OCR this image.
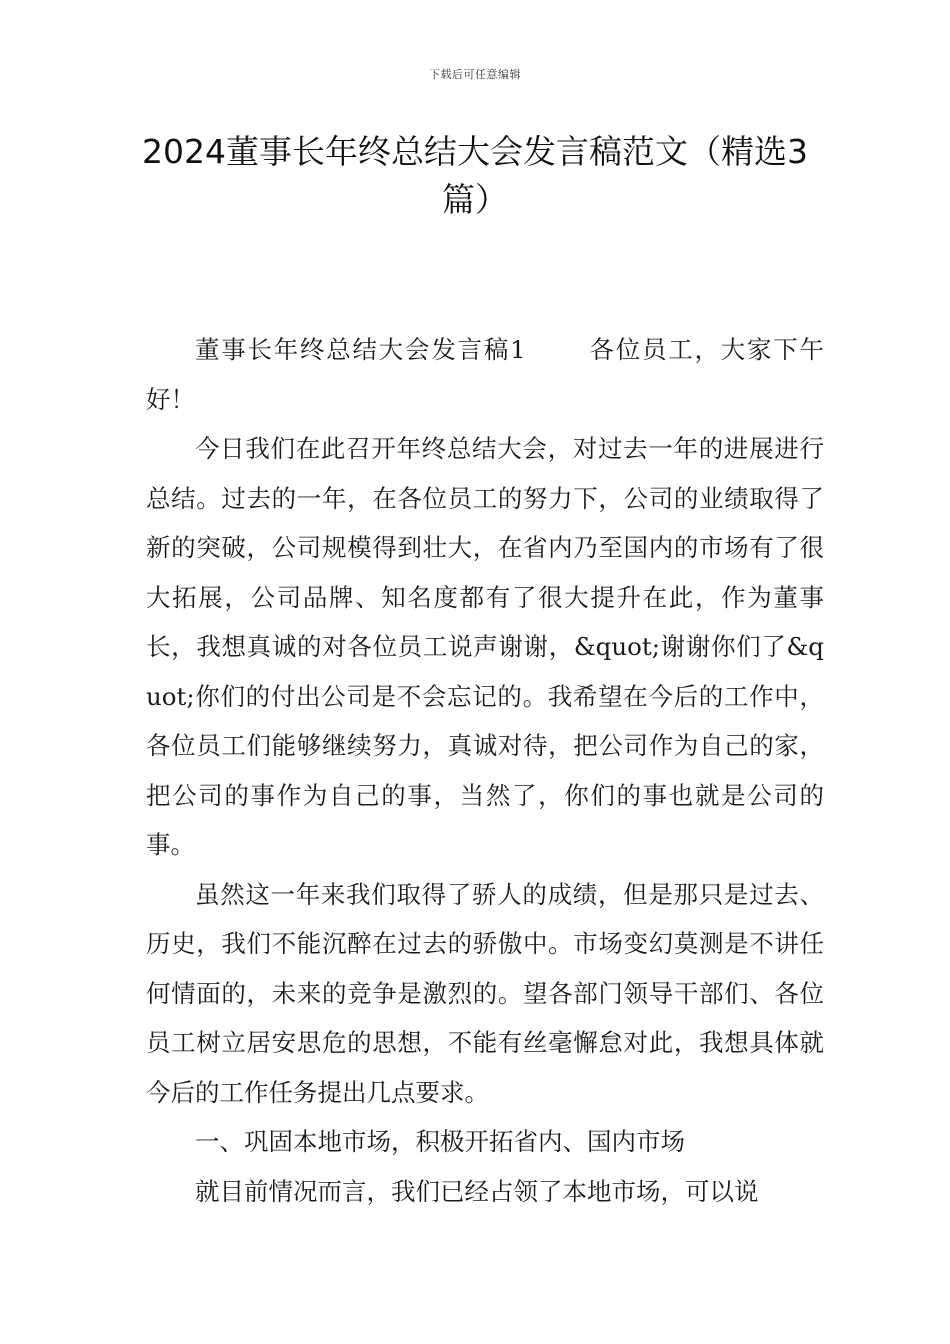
下载后可任意编辑
2024董事长年终总结大会发言稿范文（精选3篇）

董事长年终总结大会发言稿1	各位员工，大家下午好！

今日我们在此召开年终总结大会，对过去一年的进展进行总结。过去的一年，在各位员工的努力下，公司的业绩取得了新的突破，公司规模得到壮大，在省内乃至国内的市场有了很大拓展，公司品牌、知名度都有了很大提升在此，作为董事长，我想真诚的对各位员工说声谢谢，&quot;谢谢你们了&quot;你们的付出公司是不会忘记的。我希望在今后的工作中，各位员工们能够继续努力，真诚对待，把公司作为自己的家，把公司的事作为自己的事，当然了，你们的事也就是公司的事。

虽然这一年来我们取得了骄人的成绩，但是那只是过去、历史，我们不能沉醉在过去的骄傲中。市场变幻莫测是不讲任何情面的，未来的竞争是激烈的。望各部门领导干部们、各位员工树立居安思危的思想，不能有丝毫懈怠对此，我想具体就今后的工作任务提出几点要求。

一、巩固本地市场，积极开拓省内、国内市场

就目前情况而言，我们已经占领了本地市场，可以说
